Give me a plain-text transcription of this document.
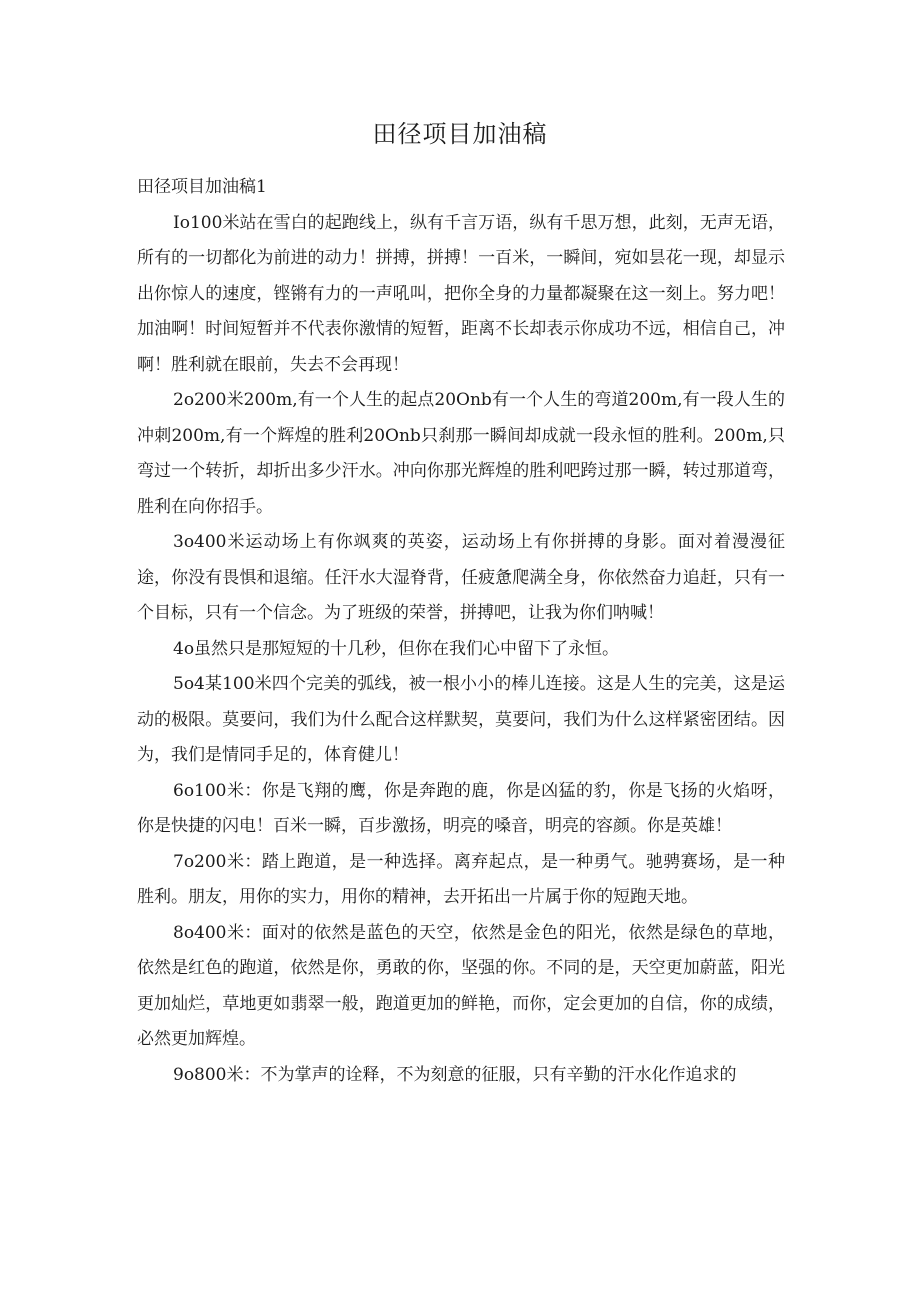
田径项目加油稿

田径项目加油稿1

Io100米站在雪白的起跑线上，纵有千言万语，纵有千思万想，此刻，无声无语，所有的一切都化为前进的动力！拼搏，拼搏！一百米，一瞬间，宛如昙花一现，却显示出你惊人的速度，铿锵有力的一声吼叫，把你全身的力量都凝聚在这一刻上。努力吧！加油啊！时间短暂并不代表你激情的短暂，距离不长却表示你成功不远，相信自己，冲啊！胜利就在眼前，失去不会再现！

2o200米200m,有一个人生的起点20Onb有一个人生的弯道200m,有一段人生的冲刺200m,有一个辉煌的胜利20Onb只刹那一瞬间却成就一段永恒的胜利。200m,只弯过一个转折，却折出多少汗水。冲向你那光辉煌的胜利吧跨过那一瞬，转过那道弯，胜利在向你招手。

3o400米运动场上有你飒爽的英姿，运动场上有你拼搏的身影。面对着漫漫征途，你没有畏惧和退缩。任汗水大湿脊背，任疲惫爬满全身，你依然奋力追赶，只有一个目标，只有一个信念。为了班级的荣誉，拼搏吧，让我为你们呐喊！

4o虽然只是那短短的十几秒，但你在我们心中留下了永恒。

5o4某100米四个完美的弧线，被一根小小的棒儿连接。这是人生的完美，这是运动的极限。莫要问，我们为什么配合这样默契，莫要问，我们为什么这样紧密团结。因为，我们是情同手足的，体育健儿！

6o100米：你是飞翔的鹰，你是奔跑的鹿，你是凶猛的豹，你是飞扬的火焰呀，你是快捷的闪电！百米一瞬，百步激扬，明亮的嗓音，明亮的容颜。你是英雄！

7o200米：踏上跑道，是一种选择。离弃起点，是一种勇气。驰骋赛场，是一种胜利。朋友，用你的实力，用你的精神，去开拓出一片属于你的短跑天地。

8o400米：面对的依然是蓝色的天空，依然是金色的阳光，依然是绿色的草地，依然是红色的跑道，依然是你，勇敢的你，坚强的你。不同的是，天空更加蔚蓝，阳光更加灿烂，草地更如翡翠一般，跑道更加的鲜艳，而你，定会更加的自信，你的成绩，必然更加辉煌。

9o800米：不为掌声的诠释，不为刻意的征服，只有辛勤的汗水化作追求的
